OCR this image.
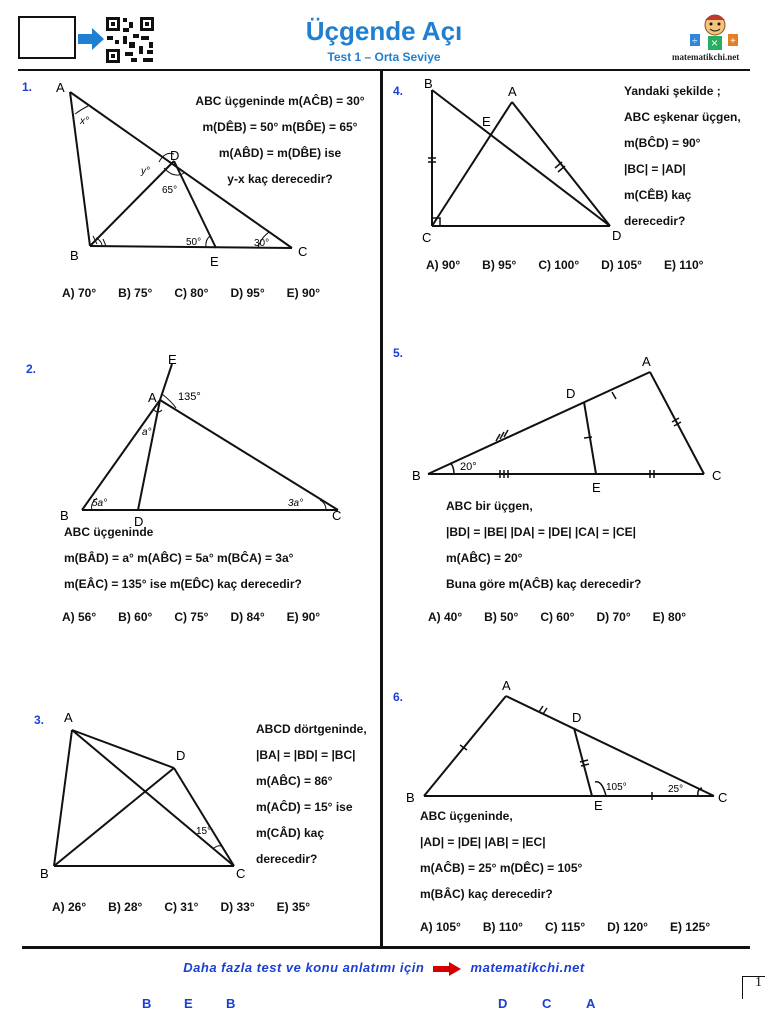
Üçgende Açı
Test 1 – Orta Seviye
÷ × +
matematikchi.net
1. A
B	C
D
E
x°
y°
65°
50°	30°
ABC üçgeninde m(AĈB) = 30°
m(DÊB) = 50° m(BD̂E) = 65°
m(AB̂D) = m(DB̂E) ise
y-x kaç derecedir?
A) 70° B) 75° C) 80° D) 95° E) 90°
2.
E
A
B	C
D
135°
a°
5a°	3a°
ABC üçgeninde
m(BÂD) = a° m(AB̂C) = 5a° m(BĈA) = 3a°
m(EÂC) = 135° ise m(ED̂C) kaç derecedir?
A) 56° B) 60° C) 75° D) 84° E) 90°
3. A
B	C
D
15°
ABCD dörtgeninde,
|BA| = |BD| = |BC|
m(AB̂C) = 86°
m(AĈD) = 15° ise
m(CÂD) kaç
derecedir?
A) 26° B) 28° C) 31° D) 33° E) 35°
4. B
A
C	D
E
Yandaki şekilde ;
ABC eşkenar üçgen,
m(BĈD) = 90°
|BC| = |AD|
m(CÊB) kaç
derecedir?
A) 90° B) 95° C) 100° D) 105° E) 110°
5.
A
B	C
D
E
20°
ABC bir üçgen,
|BD| = |BE| |DA| = |DE| |CA| = |CE|
m(AB̂C) = 20°
Buna göre m(AĈB) kaç derecedir?
A) 40° B) 50° C) 60° D) 70° E) 80°
6.
A
B	C
D
E
105°	25°
ABC üçgeninde,
|AD| = |DE| |AB| = |EC|
m(AĈB) = 25° m(DÊC) = 105°
m(BÂC) kaç derecedir?
A) 105° B) 110° C) 115° D) 120° E) 125°
Daha fazla test ve konu anlatımı için	matematikchi.net
B	E	B	D	C	A
1
